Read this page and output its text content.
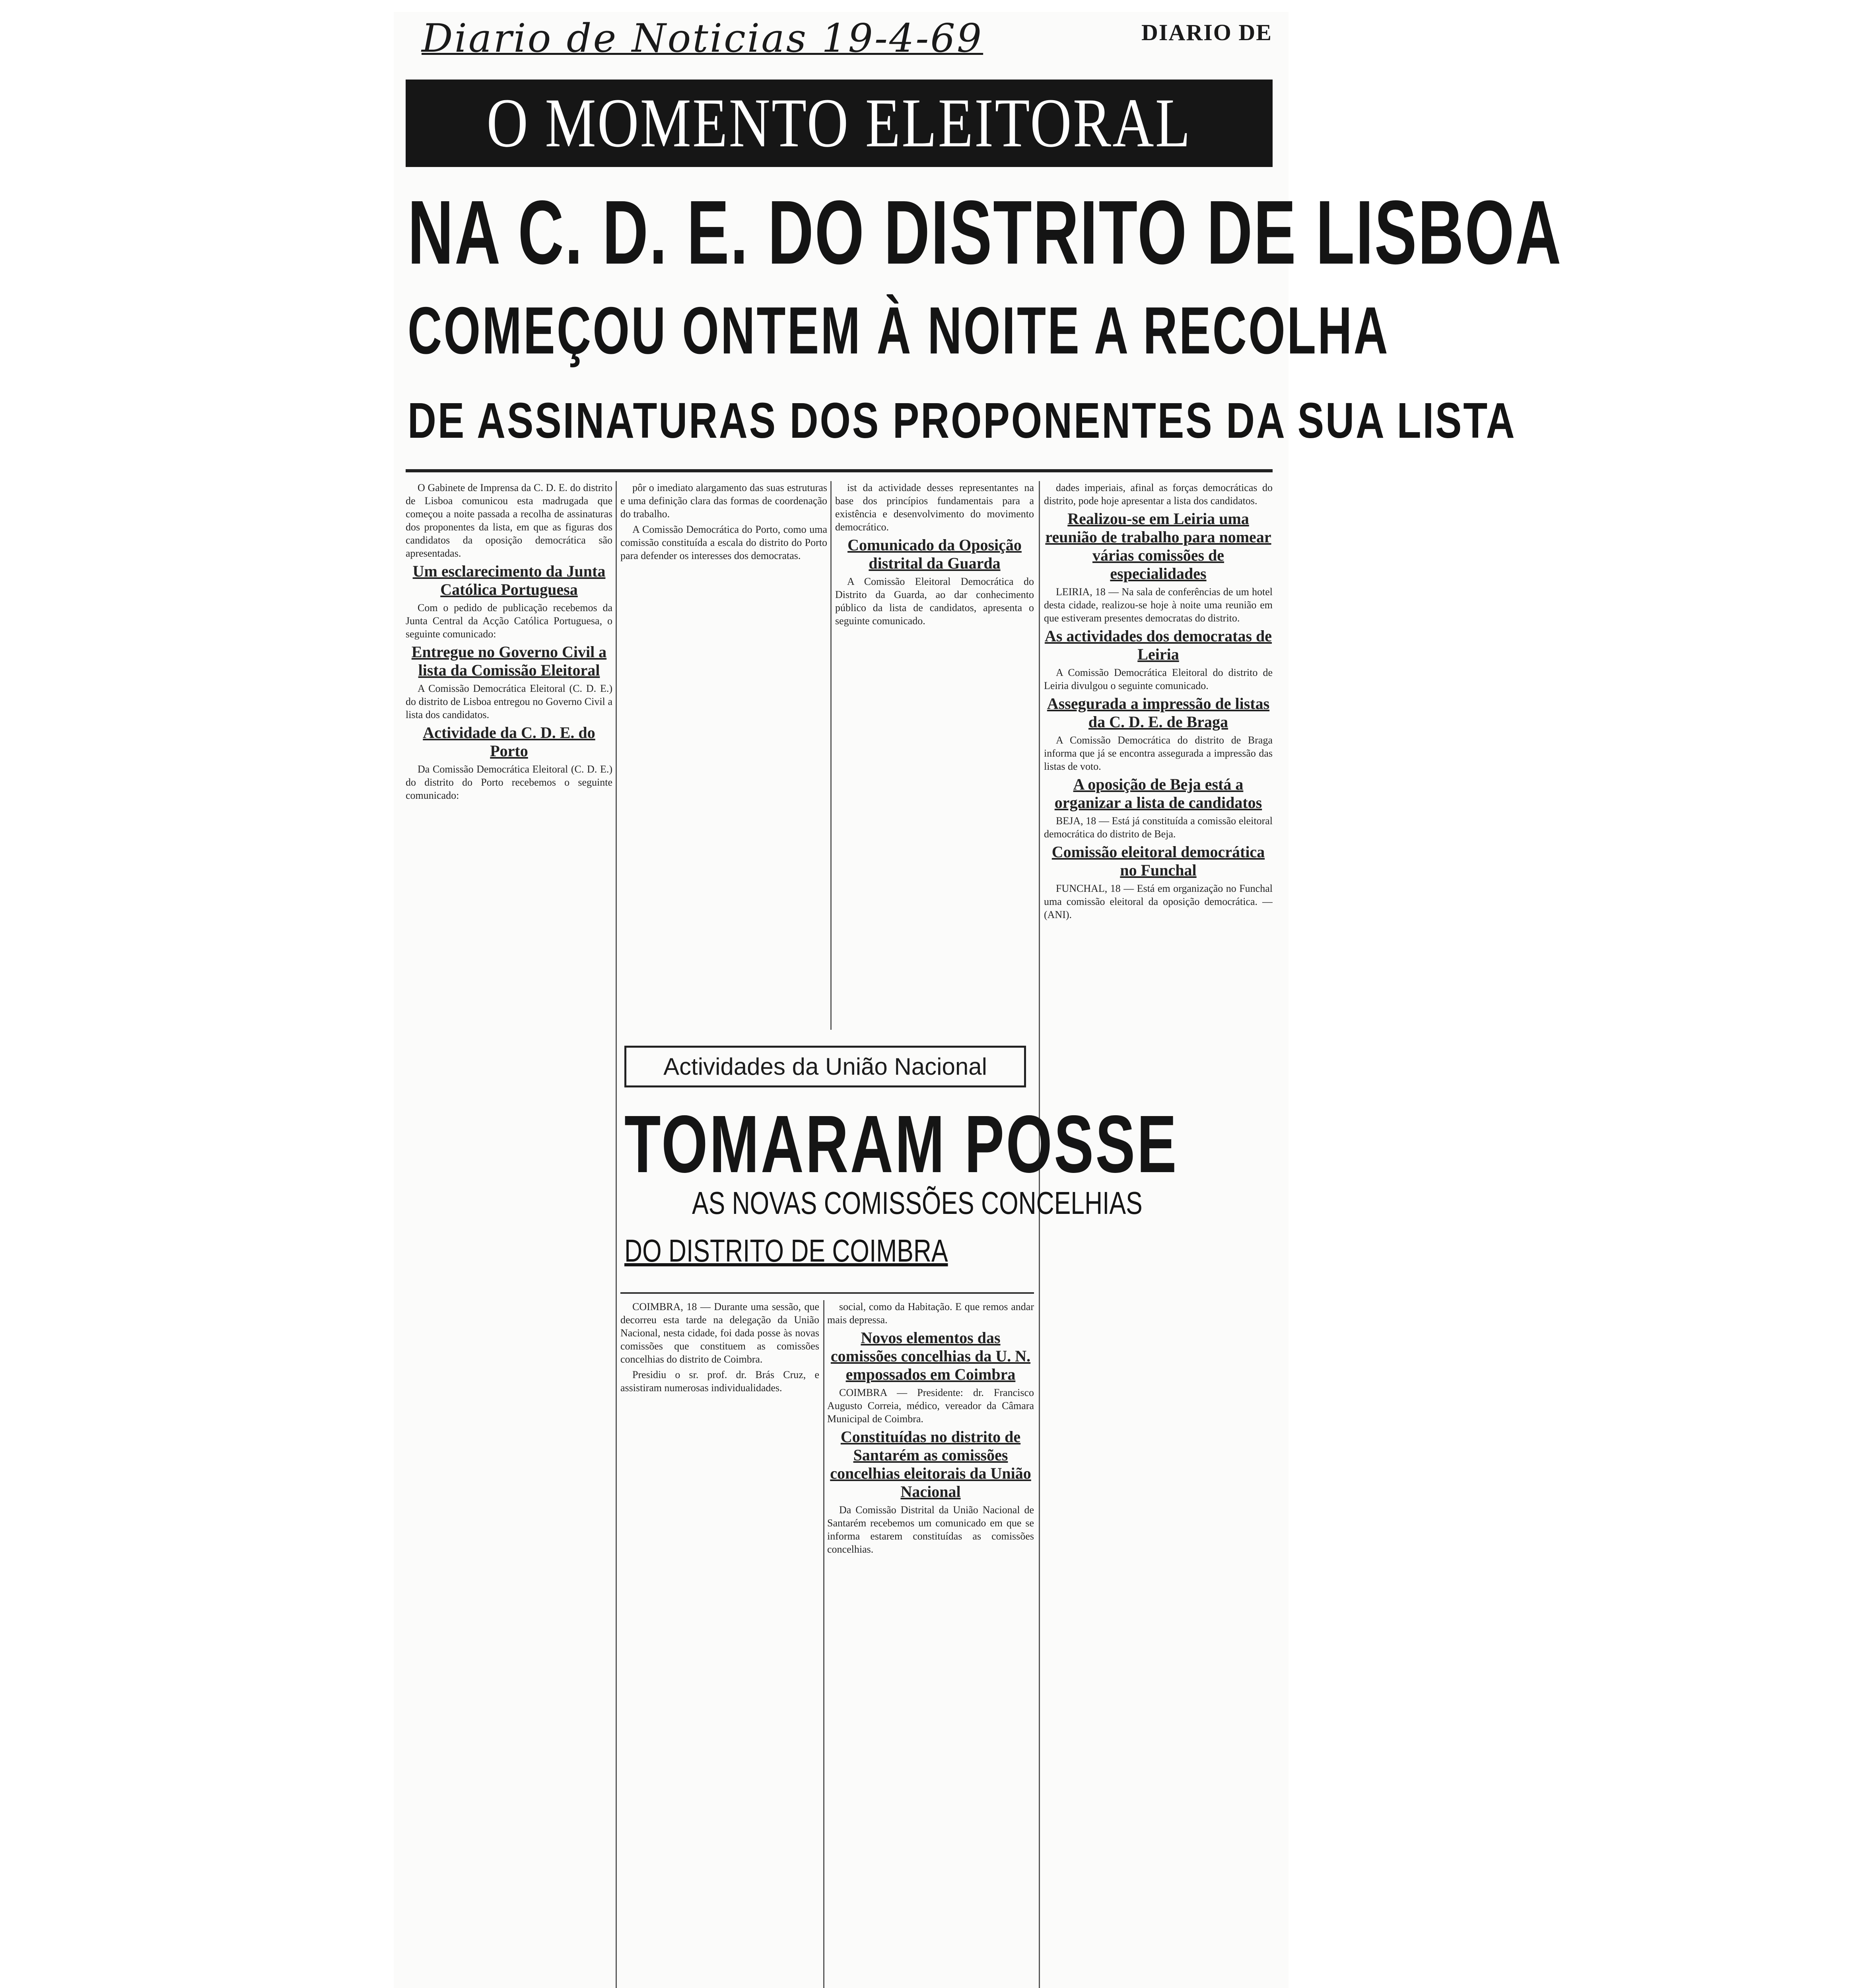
Diario de Noticias 19-4-69	DIARIO DE
O MOMENTO ELEITORAL
NA C. D. E. DO DISTRITO DE LISBOA
COMEÇOU ONTEM À NOITE A RECOLHA
DE ASSINATURAS DOS PROPONENTES DA SUA LISTA

O Gabinete de Imprensa da C. D. E. do distrito de Lisboa comunicou esta madrugada que começou a noite passada a recolha de assinaturas dos proponentes da lista, em que as figuras dos candidatos da oposição democrática são apresentadas.

Um esclarecimento da Junta Católica Portuguesa

Com o pedido de publicação recebemos da Junta Central da Acção Católica Portuguesa, o seguinte comunicado:

Entregue no Governo Civil a lista da Comissão Eleitoral

A Comissão Democrática Eleitoral (C. D. E.) do distrito de Lisboa entregou no Governo Civil a lista dos candidatos.

Actividade da C. D. E. do Porto

Da Comissão Democrática Eleitoral (C. D. E.) do distrito do Porto recebemos o seguinte comunicado:

pôr o imediato alargamento das suas estruturas e uma definição clara das formas de coordenação do trabalho.

A Comissão Democrática do Porto, como uma comissão constituída a escala do distrito do Porto para defender os interesses dos democratas.

ist da actividade desses representantes na base dos princípios fundamentais para a existência e desenvolvimento do movimento democrático.

Comunicado da Oposição distrital da Guarda

A Comissão Eleitoral Democrática do Distrito da Guarda, ao dar conhecimento público da lista de candidatos, apresenta o seguinte comunicado.

dades imperiais, afinal as forças democráticas do distrito, pode hoje apresentar a lista dos candidatos.

Realizou-se em Leiria uma reunião de trabalho para nomear várias comissões de especialidades

LEIRIA, 18 — Na sala de conferências de um hotel desta cidade, realizou-se hoje à noite uma reunião em que estiveram presentes democratas do distrito.

As actividades dos democratas de Leiria

A Comissão Democrática Eleitoral do distrito de Leiria divulgou o seguinte comunicado.

Assegurada a impressão de listas da C. D. E. de Braga

A Comissão Democrática do distrito de Braga informa que já se encontra assegurada a impressão das listas de voto.

A oposição de Beja está a organizar a lista de candidatos

BEJA, 18 — Está já constituída a comissão eleitoral democrática do distrito de Beja.

Comissão eleitoral democrática no Funchal

FUNCHAL, 18 — Está em organização no Funchal uma comissão eleitoral da oposição democrática. — (ANI).

Actividades da União Nacional
TOMARAM POSSE
AS NOVAS COMISSÕES CONCELHIAS
DO DISTRITO DE COIMBRA

COIMBRA, 18 — Durante uma sessão, que decorreu esta tarde na delegação da União Nacional, nesta cidade, foi dada posse às novas comissões que constituem as comissões concelhias do distrito de Coimbra.

Presidiu o sr. prof. dr. Brás Cruz, e assistiram numerosas individualidades.

social, como da Habitação. E que remos andar mais depressa.

Novos elementos das comissões concelhias da U. N. empossados em Coimbra

COIMBRA — Presidente: dr. Francisco Augusto Correia, médico, vereador da Câmara Municipal de Coimbra.

Constituídas no distrito de Santarém as comissões concelhias eleitorais da União Nacional

Da Comissão Distrital da União Nacional de Santarém recebemos um comunicado em que se informa estarem constituídas as comissões concelhias.
